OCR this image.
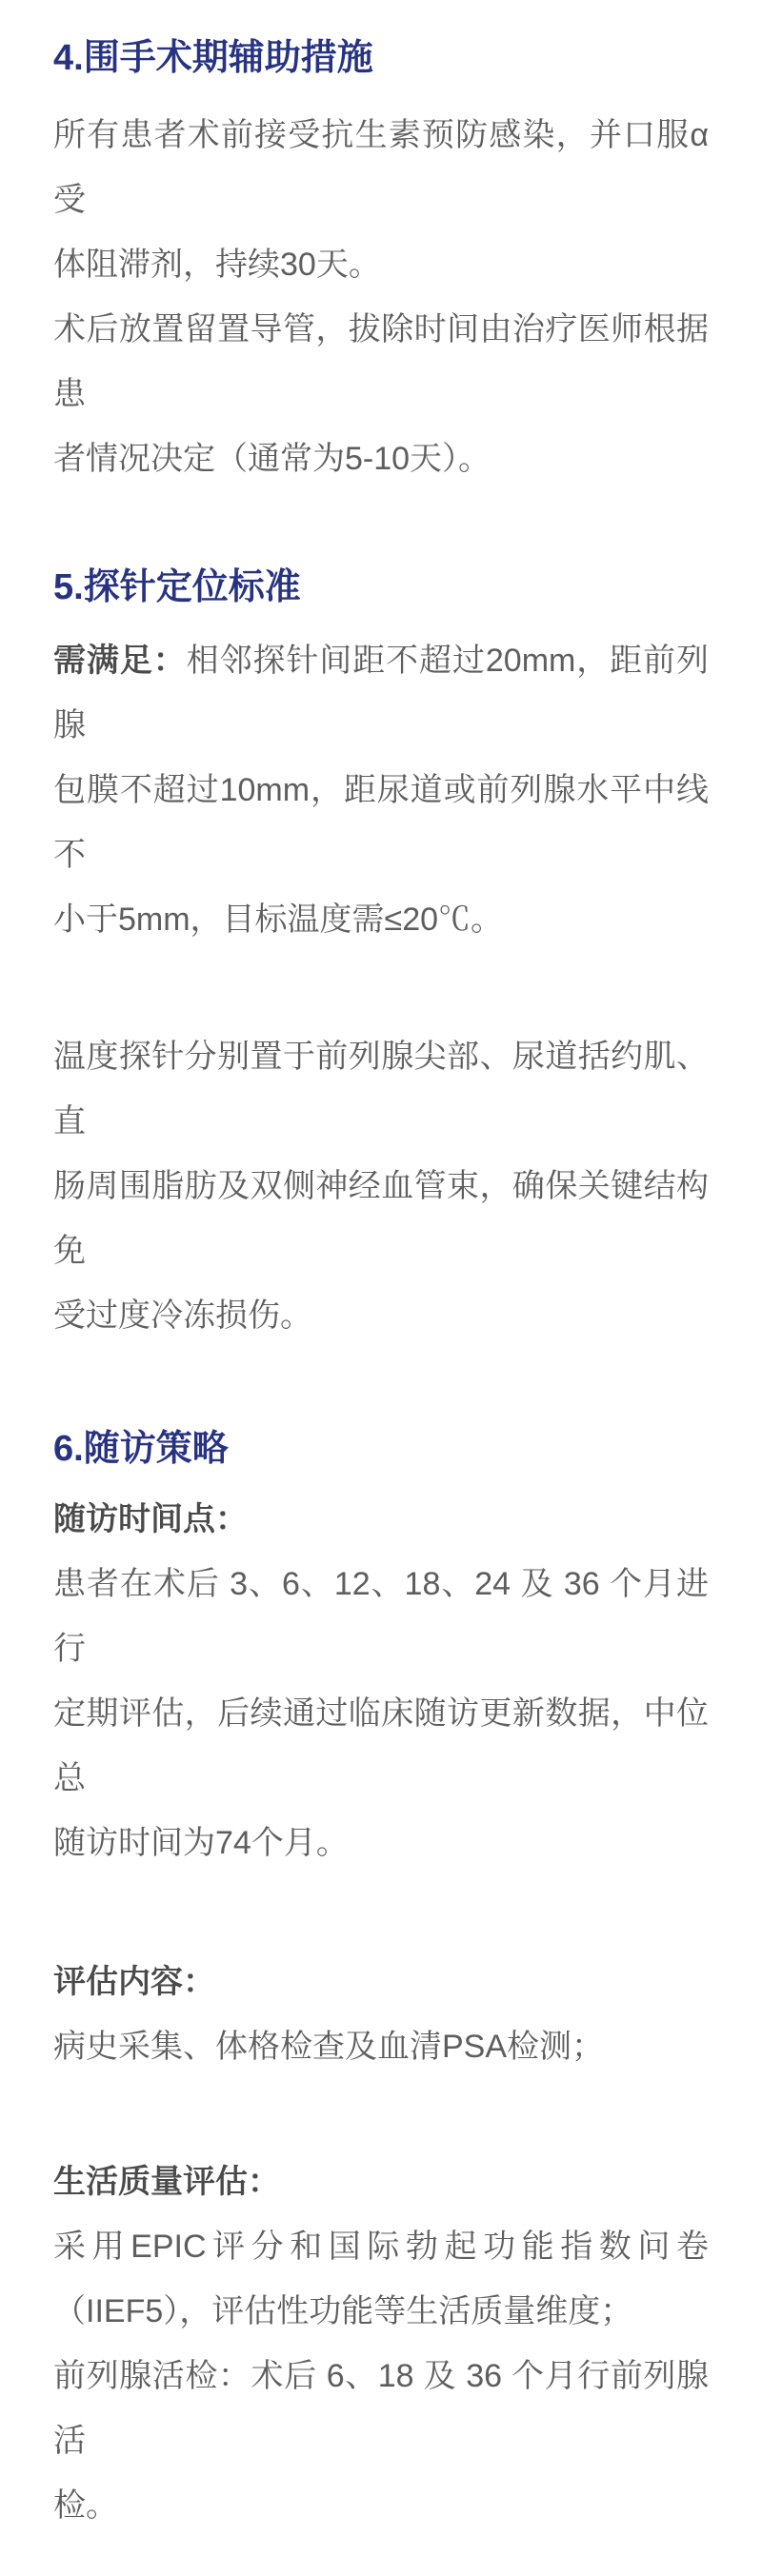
4.围手术期辅助措施
所有患者术前接受抗生素预防感染，并口服α受
体阻滞剂，持续30天。
术后放置留置导管，拔除时间由治疗医师根据患
者情况决定（通常为5-10天）。
5.探针定位标准
需满足：相邻探针间距不超过20mm，距前列腺
包膜不超过10mm，距尿道或前列腺水平中线不
小于5mm，目标温度需≤20℃。
温度探针分别置于前列腺尖部、尿道括约肌、直
肠周围脂肪及双侧神经血管束，确保关键结构免
受过度冷冻损伤。
6.随访策略
随访时间点：
患者在术后 3、6、12、18、24 及 36 个月进行
定期评估，后续通过临床随访更新数据，中位总
随访时间为74个月。
评估内容：
病史采集、体格检查及血清PSA检测；
生活质量评估：
采用EPIC评分和国际勃起功能指数问卷
（IIEF5），评估性功能等生活质量维度；
前列腺活检：术后 6、18 及 36 个月行前列腺活
检。
